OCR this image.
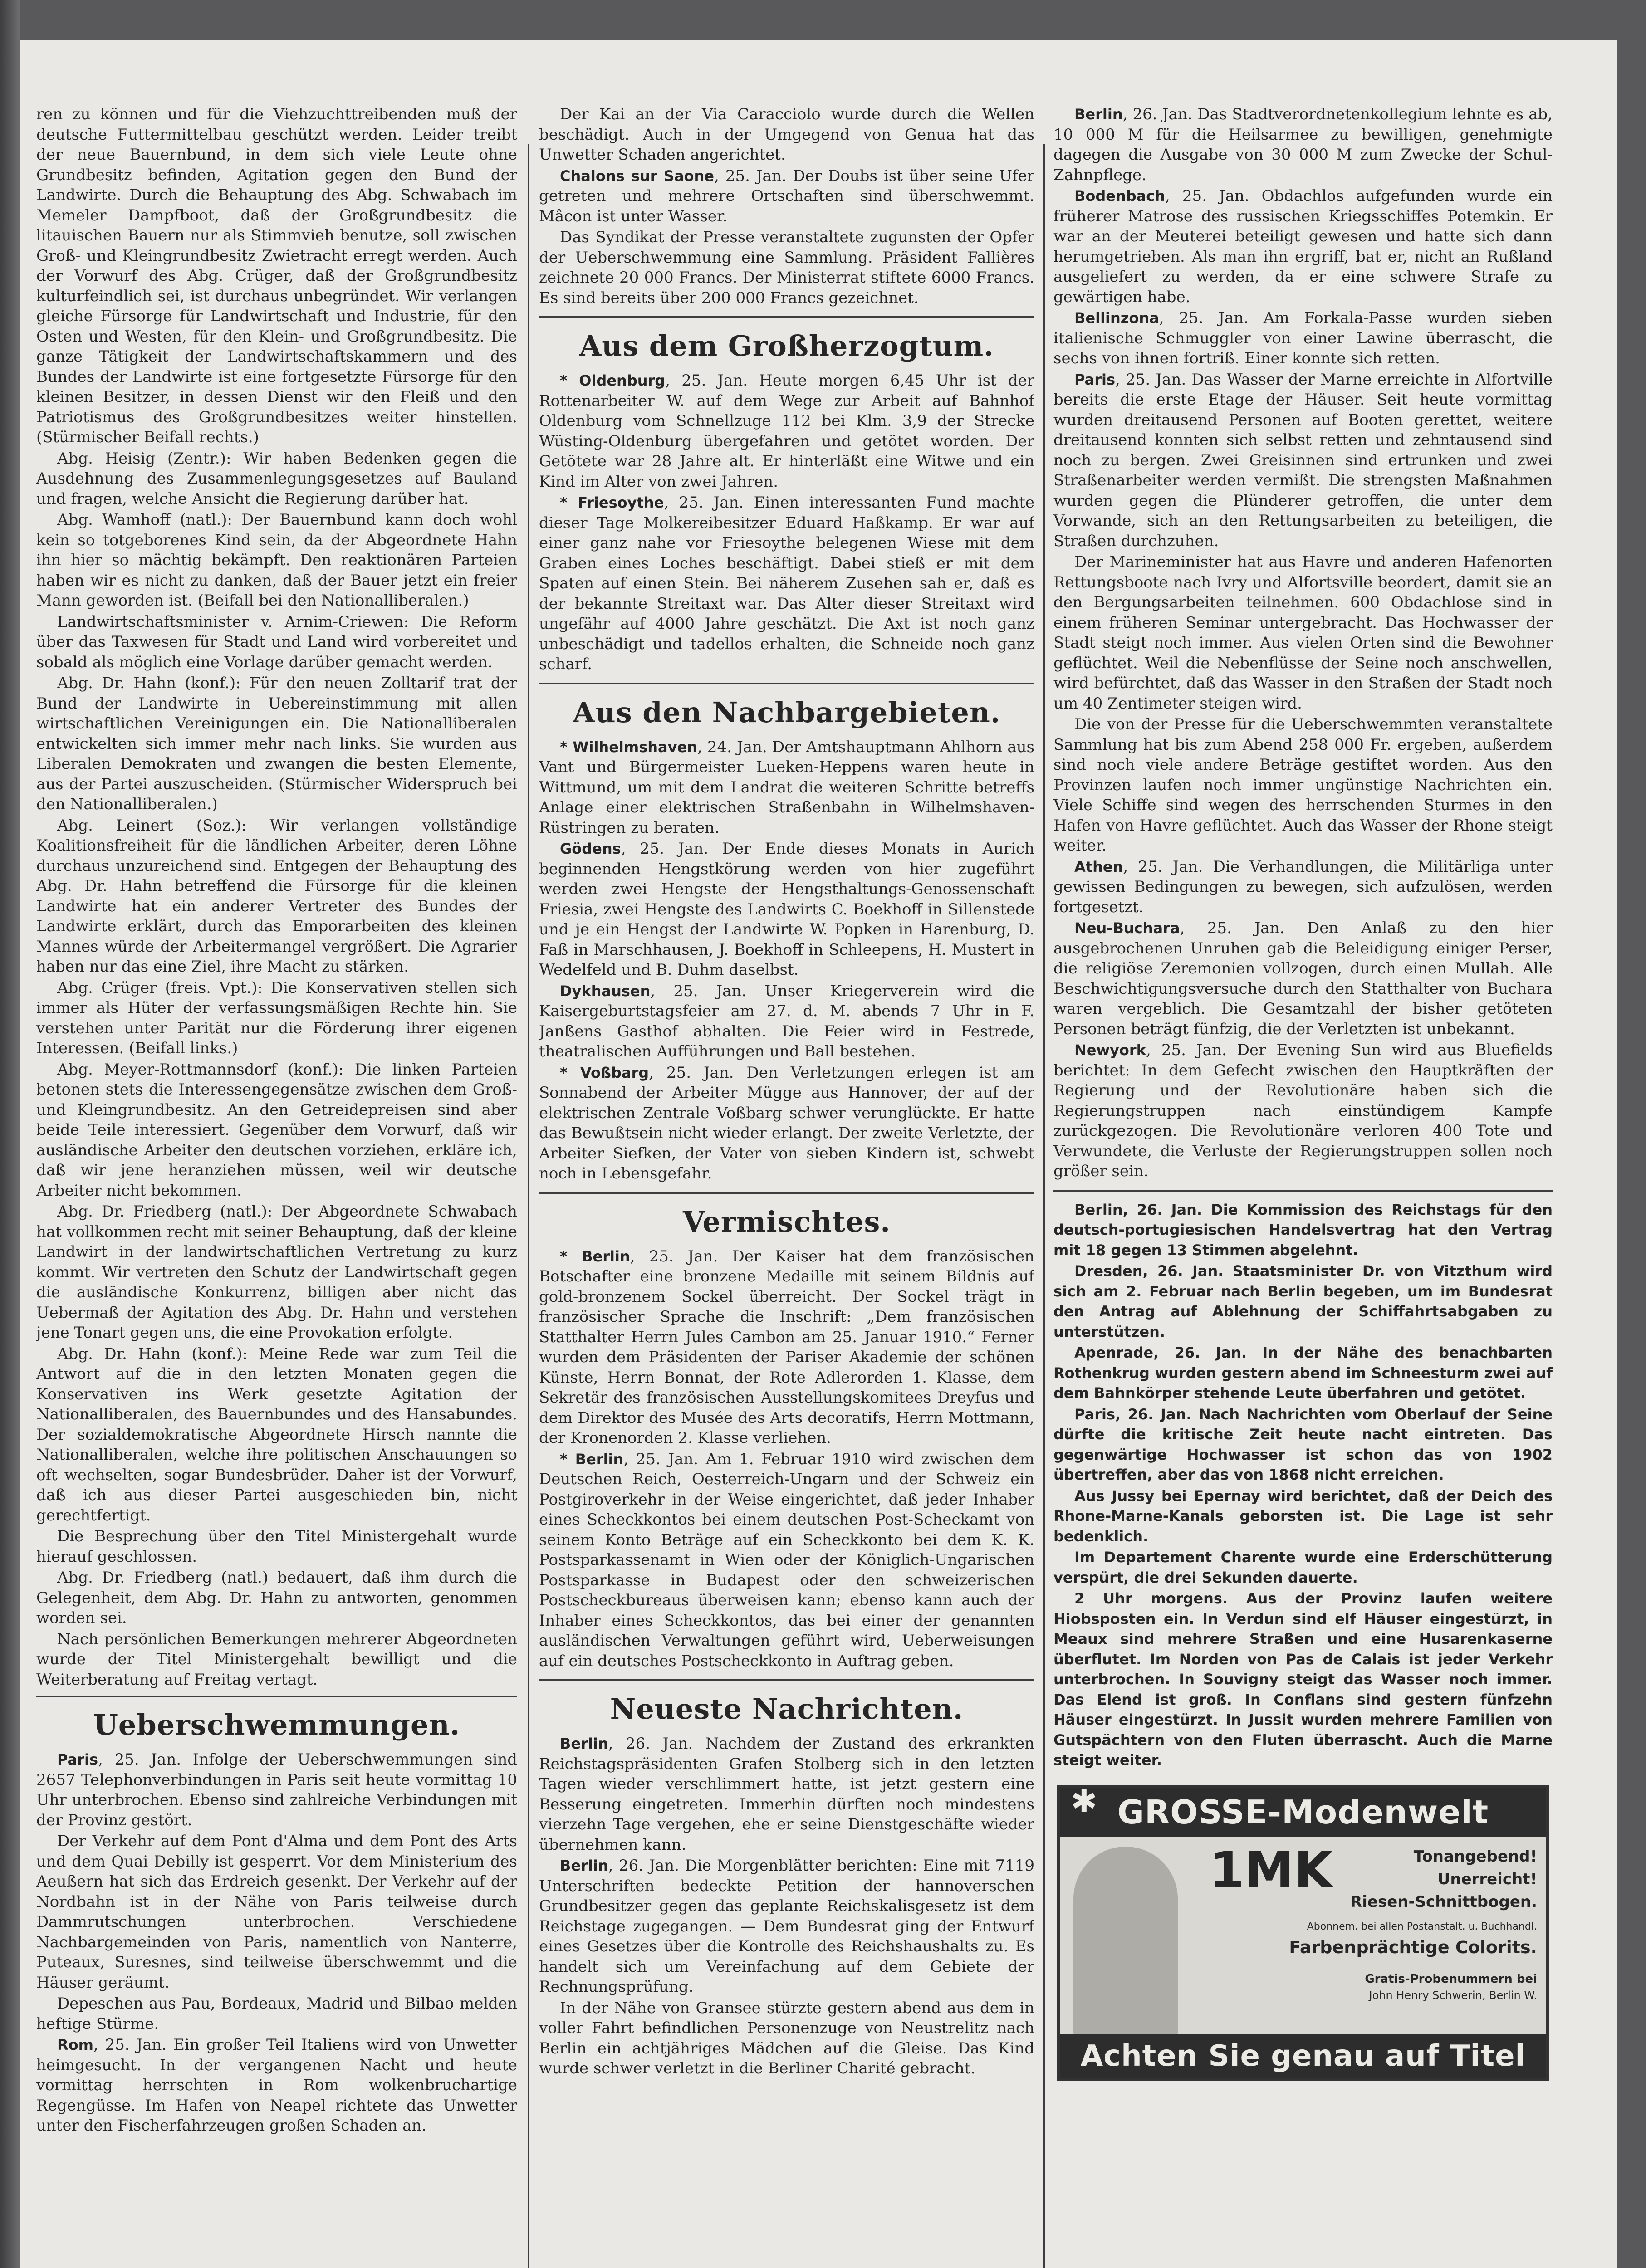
ren zu können und für die Viehzuchttreibenden muß der deutsche Futtermittelbau geschützt werden. Leider treibt der neue Bauernbund, in dem sich viele Leute ohne Grundbesitz befinden, Agitation gegen den Bund der Landwirte. Durch die Behauptung des Abg. Schwabach im Memeler Dampfboot, daß der Großgrundbesitz die litauischen Bauern nur als Stimmvieh benutze, soll zwischen Groß- und Kleingrundbesitz Zwietracht erregt werden. Auch der Vorwurf des Abg. Crüger, daß der Großgrundbesitz kulturfeindlich sei, ist durchaus unbegründet. Wir verlangen gleiche Fürsorge für Landwirtschaft und Industrie, für den Osten und Westen, für den Klein- und Großgrundbesitz. Die ganze Tätigkeit der Landwirtschaftskammern und des Bundes der Landwirte ist eine fortgesetzte Fürsorge für den kleinen Besitzer, in dessen Dienst wir den Fleiß und den Patriotismus des Großgrundbesitzes weiter hinstellen. (Stürmischer Beifall rechts.)

Abg. Heisig (Zentr.): Wir haben Bedenken gegen die Ausdehnung des Zusammenlegungsgesetzes auf Bauland und fragen, welche Ansicht die Regierung darüber hat.

Abg. Wamhoff (natl.): Der Bauernbund kann doch wohl kein so totgeborenes Kind sein, da der Abgeordnete Hahn ihn hier so mächtig bekämpft. Den reaktionären Parteien haben wir es nicht zu danken, daß der Bauer jetzt ein freier Mann geworden ist. (Beifall bei den Nationalliberalen.)

Landwirtschaftsminister v. Arnim-Criewen: Die Reform über das Taxwesen für Stadt und Land wird vorbereitet und sobald als möglich eine Vorlage darüber gemacht werden.

Abg. Dr. Hahn (konf.): Für den neuen Zolltarif trat der Bund der Landwirte in Uebereinstimmung mit allen wirtschaftlichen Vereinigungen ein. Die Nationalliberalen entwickelten sich immer mehr nach links. Sie wurden aus Liberalen Demokraten und zwangen die besten Elemente, aus der Partei auszuscheiden. (Stürmischer Widerspruch bei den Nationalliberalen.)

Abg. Leinert (Soz.): Wir verlangen vollständige Koalitionsfreiheit für die ländlichen Arbeiter, deren Löhne durchaus unzureichend sind. Entgegen der Behauptung des Abg. Dr. Hahn betreffend die Fürsorge für die kleinen Landwirte hat ein anderer Vertreter des Bundes der Landwirte erklärt, durch das Emporarbeiten des kleinen Mannes würde der Arbeitermangel vergrößert. Die Agrarier haben nur das eine Ziel, ihre Macht zu stärken.

Abg. Crüger (freis. Vpt.): Die Konservativen stellen sich immer als Hüter der verfassungsmäßigen Rechte hin. Sie verstehen unter Parität nur die Förderung ihrer eigenen Interessen. (Beifall links.)

Abg. Meyer-Rottmannsdorf (konf.): Die linken Parteien betonen stets die Interessengegensätze zwischen dem Groß- und Kleingrundbesitz. An den Getreidepreisen sind aber beide Teile interessiert. Gegenüber dem Vorwurf, daß wir ausländische Arbeiter den deutschen vorziehen, erkläre ich, daß wir jene heranziehen müssen, weil wir deutsche Arbeiter nicht bekommen.

Abg. Dr. Friedberg (natl.): Der Abgeordnete Schwabach hat vollkommen recht mit seiner Behauptung, daß der kleine Landwirt in der landwirtschaftlichen Vertretung zu kurz kommt. Wir vertreten den Schutz der Landwirtschaft gegen die ausländische Konkurrenz, billigen aber nicht das Uebermaß der Agitation des Abg. Dr. Hahn und verstehen jene Tonart gegen uns, die eine Provokation erfolgte.

Abg. Dr. Hahn (konf.): Meine Rede war zum Teil die Antwort auf die in den letzten Monaten gegen die Konservativen ins Werk gesetzte Agitation der Nationalliberalen, des Bauernbundes und des Hansabundes. Der sozialdemokratische Abgeordnete Hirsch nannte die Nationalliberalen, welche ihre politischen Anschauungen so oft wechselten, sogar Bundesbrüder. Daher ist der Vorwurf, daß ich aus dieser Partei ausgeschieden bin, nicht gerechtfertigt.

Die Besprechung über den Titel Ministergehalt wurde hierauf geschlossen.

Abg. Dr. Friedberg (natl.) bedauert, daß ihm durch die Gelegenheit, dem Abg. Dr. Hahn zu antworten, genommen worden sei.

Nach persönlichen Bemerkungen mehrerer Abgeordneten wurde der Titel Ministergehalt bewilligt und die Weiterberatung auf Freitag vertagt.

Ueberschwemmungen.

Paris, 25. Jan. Infolge der Ueberschwemmungen sind 2657 Telephonverbindungen in Paris seit heute vormittag 10 Uhr unterbrochen. Ebenso sind zahlreiche Verbindungen mit der Provinz gestört.

Der Verkehr auf dem Pont d'Alma und dem Pont des Arts und dem Quai Debilly ist gesperrt. Vor dem Ministerium des Aeußern hat sich das Erdreich gesenkt. Der Verkehr auf der Nordbahn ist in der Nähe von Paris teilweise durch Dammrutschungen unterbrochen. Verschiedene Nachbargemeinden von Paris, namentlich von Nanterre, Puteaux, Suresnes, sind teilweise überschwemmt und die Häuser geräumt.

Depeschen aus Pau, Bordeaux, Madrid und Bilbao melden heftige Stürme.

Rom, 25. Jan. Ein großer Teil Italiens wird von Unwetter heimgesucht. In der vergangenen Nacht und heute vormittag herrschten in Rom wolkenbruchartige Regengüsse. Im Hafen von Neapel richtete das Unwetter unter den Fischerfahrzeugen großen Schaden an.

Der Kai an der Via Caracciolo wurde durch die Wellen beschädigt. Auch in der Umgegend von Genua hat das Unwetter Schaden angerichtet.

Chalons sur Saone, 25. Jan. Der Doubs ist über seine Ufer getreten und mehrere Ortschaften sind überschwemmt. Mâcon ist unter Wasser.

Das Syndikat der Presse veranstaltete zugunsten der Opfer der Ueberschwemmung eine Sammlung. Präsident Fallières zeichnete 20 000 Francs. Der Ministerrat stiftete 6000 Francs. Es sind bereits über 200 000 Francs gezeichnet.

Aus dem Großherzogtum.

* Oldenburg, 25. Jan. Heute morgen 6,45 Uhr ist der Rottenarbeiter W. auf dem Wege zur Arbeit auf Bahnhof Oldenburg vom Schnellzuge 112 bei Klm. 3,9 der Strecke Wüsting-Oldenburg übergefahren und getötet worden. Der Getötete war 28 Jahre alt. Er hinterläßt eine Witwe und ein Kind im Alter von zwei Jahren.

* Friesoythe, 25. Jan. Einen interessanten Fund machte dieser Tage Molkereibesitzer Eduard Haßkamp. Er war auf einer ganz nahe vor Friesoythe belegenen Wiese mit dem Graben eines Loches beschäftigt. Dabei stieß er mit dem Spaten auf einen Stein. Bei näherem Zusehen sah er, daß es der bekannte Streitaxt war. Das Alter dieser Streitaxt wird ungefähr auf 4000 Jahre geschätzt. Die Axt ist noch ganz unbeschädigt und tadellos erhalten, die Schneide noch ganz scharf.

Aus den Nachbargebieten.

* Wilhelmshaven, 24. Jan. Der Amtshauptmann Ahlhorn aus Vant und Bürgermeister Lueken-Heppens waren heute in Wittmund, um mit dem Landrat die weiteren Schritte betreffs Anlage einer elektrischen Straßenbahn in Wilhelmshaven-Rüstringen zu beraten.

Gödens, 25. Jan. Der Ende dieses Monats in Aurich beginnenden Hengstkörung werden von hier zugeführt werden zwei Hengste der Hengsthaltungs-Genossenschaft Friesia, zwei Hengste des Landwirts C. Boekhoff in Sillenstede und je ein Hengst der Landwirte W. Popken in Harenburg, D. Faß in Marschhausen, J. Boekhoff in Schleepens, H. Mustert in Wedelfeld und B. Duhm daselbst.

Dykhausen, 25. Jan. Unser Kriegerverein wird die Kaisergeburtstagsfeier am 27. d. M. abends 7 Uhr in F. Janßens Gasthof abhalten. Die Feier wird in Festrede, theatralischen Aufführungen und Ball bestehen.

* Voßbarg, 25. Jan. Den Verletzungen erlegen ist am Sonnabend der Arbeiter Mügge aus Hannover, der auf der elektrischen Zentrale Voßbarg schwer verunglückte. Er hatte das Bewußtsein nicht wieder erlangt. Der zweite Verletzte, der Arbeiter Siefken, der Vater von sieben Kindern ist, schwebt noch in Lebensgefahr.

Vermischtes.

* Berlin, 25. Jan. Der Kaiser hat dem französischen Botschafter eine bronzene Medaille mit seinem Bildnis auf gold-bronzenem Sockel überreicht. Der Sockel trägt in französischer Sprache die Inschrift: „Dem französischen Statthalter Herrn Jules Cambon am 25. Januar 1910.“ Ferner wurden dem Präsidenten der Pariser Akademie der schönen Künste, Herrn Bonnat, der Rote Adlerorden 1. Klasse, dem Sekretär des französischen Ausstellungskomitees Dreyfus und dem Direktor des Musée des Arts decoratifs, Herrn Mottmann, der Kronenorden 2. Klasse verliehen.

* Berlin, 25. Jan. Am 1. Februar 1910 wird zwischen dem Deutschen Reich, Oesterreich-Ungarn und der Schweiz ein Postgiroverkehr in der Weise eingerichtet, daß jeder Inhaber eines Scheckkontos bei einem deutschen Post-Scheckamt von seinem Konto Beträge auf ein Scheckkonto bei dem K. K. Postsparkassenamt in Wien oder der Königlich-Ungarischen Postsparkasse in Budapest oder den schweizerischen Postscheckbureaus überweisen kann; ebenso kann auch der Inhaber eines Scheckkontos, das bei einer der genannten ausländischen Verwaltungen geführt wird, Ueberweisungen auf ein deutsches Postscheckkonto in Auftrag geben.

Neueste Nachrichten.

Berlin, 26. Jan. Nachdem der Zustand des erkrankten Reichstagspräsidenten Grafen Stolberg sich in den letzten Tagen wieder verschlimmert hatte, ist jetzt gestern eine Besserung eingetreten. Immerhin dürften noch mindestens vierzehn Tage vergehen, ehe er seine Dienstgeschäfte wieder übernehmen kann.

Berlin, 26. Jan. Die Morgenblätter berichten: Eine mit 7119 Unterschriften bedeckte Petition der hannoverschen Grundbesitzer gegen das geplante Reichskalisgesetz ist dem Reichstage zugegangen. — Dem Bundesrat ging der Entwurf eines Gesetzes über die Kontrolle des Reichshaushalts zu. Es handelt sich um Vereinfachung auf dem Gebiete der Rechnungsprüfung.

In der Nähe von Gransee stürzte gestern abend aus dem in voller Fahrt befindlichen Personenzuge von Neustrelitz nach Berlin ein achtjähriges Mädchen auf die Gleise. Das Kind wurde schwer verletzt in die Berliner Charité gebracht.

Berlin, 26. Jan. Das Stadtverordnetenkollegium lehnte es ab, 10 000 M für die Heilsarmee zu bewilligen, genehmigte dagegen die Ausgabe von 30 000 M zum Zwecke der Schul-Zahnpflege.

Bodenbach, 25. Jan. Obdachlos aufgefunden wurde ein früherer Matrose des russischen Kriegsschiffes Potemkin. Er war an der Meuterei beteiligt gewesen und hatte sich dann herumgetrieben. Als man ihn ergriff, bat er, nicht an Rußland ausgeliefert zu werden, da er eine schwere Strafe zu gewärtigen habe.

Bellinzona, 25. Jan. Am Forkala-Passe wurden sieben italienische Schmuggler von einer Lawine überrascht, die sechs von ihnen fortriß. Einer konnte sich retten.

Paris, 25. Jan. Das Wasser der Marne erreichte in Alfortville bereits die erste Etage der Häuser. Seit heute vormittag wurden dreitausend Personen auf Booten gerettet, weitere dreitausend konnten sich selbst retten und zehntausend sind noch zu bergen. Zwei Greisinnen sind ertrunken und zwei Straßenarbeiter werden vermißt. Die strengsten Maßnahmen wurden gegen die Plünderer getroffen, die unter dem Vorwande, sich an den Rettungsarbeiten zu beteiligen, die Straßen durchzuhen.

Der Marineminister hat aus Havre und anderen Hafenorten Rettungsboote nach Ivry und Alfortsville beordert, damit sie an den Bergungsarbeiten teilnehmen. 600 Obdachlose sind in einem früheren Seminar untergebracht. Das Hochwasser der Stadt steigt noch immer. Aus vielen Orten sind die Bewohner geflüchtet. Weil die Nebenflüsse der Seine noch anschwellen, wird befürchtet, daß das Wasser in den Straßen der Stadt noch um 40 Zentimeter steigen wird.

Die von der Presse für die Ueberschwemmten veranstaltete Sammlung hat bis zum Abend 258 000 Fr. ergeben, außerdem sind noch viele andere Beträge gestiftet worden. Aus den Provinzen laufen noch immer ungünstige Nachrichten ein. Viele Schiffe sind wegen des herrschenden Sturmes in den Hafen von Havre geflüchtet. Auch das Wasser der Rhone steigt weiter.

Athen, 25. Jan. Die Verhandlungen, die Militärliga unter gewissen Bedingungen zu bewegen, sich aufzulösen, werden fortgesetzt.

Neu-Buchara, 25. Jan. Den Anlaß zu den hier ausgebrochenen Unruhen gab die Beleidigung einiger Perser, die religiöse Zeremonien vollzogen, durch einen Mullah. Alle Beschwichtigungsversuche durch den Statthalter von Buchara waren vergeblich. Die Gesamtzahl der bisher getöteten Personen beträgt fünfzig, die der Verletzten ist unbekannt.

Newyork, 25. Jan. Der Evening Sun wird aus Bluefields berichtet: In dem Gefecht zwischen den Hauptkräften der Regierung und der Revolutionäre haben sich die Regierungstruppen nach einstündigem Kampfe zurückgezogen. Die Revolutionäre verloren 400 Tote und Verwundete, die Verluste der Regierungstruppen sollen noch größer sein.

Berlin, 26. Jan. Die Kommission des Reichstags für den deutsch-portugiesischen Handelsvertrag hat den Vertrag mit 18 gegen 13 Stimmen abgelehnt.

Dresden, 26. Jan. Staatsminister Dr. von Vitzthum wird sich am 2. Februar nach Berlin begeben, um im Bundesrat den Antrag auf Ablehnung der Schiffahrtsabgaben zu unterstützen.

Apenrade, 26. Jan. In der Nähe des benachbarten Rothenkrug wurden gestern abend im Schneesturm zwei auf dem Bahnkörper stehende Leute überfahren und getötet.

Paris, 26. Jan. Nach Nachrichten vom Oberlauf der Seine dürfte die kritische Zeit heute nacht eintreten. Das gegenwärtige Hochwasser ist schon das von 1902 übertreffen, aber das von 1868 nicht erreichen.

Aus Jussy bei Epernay wird berichtet, daß der Deich des Rhone-Marne-Kanals geborsten ist. Die Lage ist sehr bedenklich.

Im Departement Charente wurde eine Erderschütterung verspürt, die drei Sekunden dauerte.

2 Uhr morgens. Aus der Provinz laufen weitere Hiobsposten ein. In Verdun sind elf Häuser eingestürzt, in Meaux sind mehrere Straßen und eine Husarenkaserne überflutet. Im Norden von Pas de Calais ist jeder Verkehr unterbrochen. In Souvigny steigt das Wasser noch immer. Das Elend ist groß. In Conflans sind gestern fünfzehn Häuser eingestürzt. In Jussit wurden mehrere Familien von Gutspächtern von den Fluten überrascht. Auch die Marne steigt weiter.

GROSSE-Modenwelt
✱
1MK	Tonangebend!
Unerreicht!
Riesen-Schnittbogen.
Abonnem. bei allen Postanstalt. u. Buchhandl.
Farbenprächtige Colorits.
Gratis-Probenummern bei
John Henry Schwerin, Berlin W.
Achten Sie genau auf Titel
